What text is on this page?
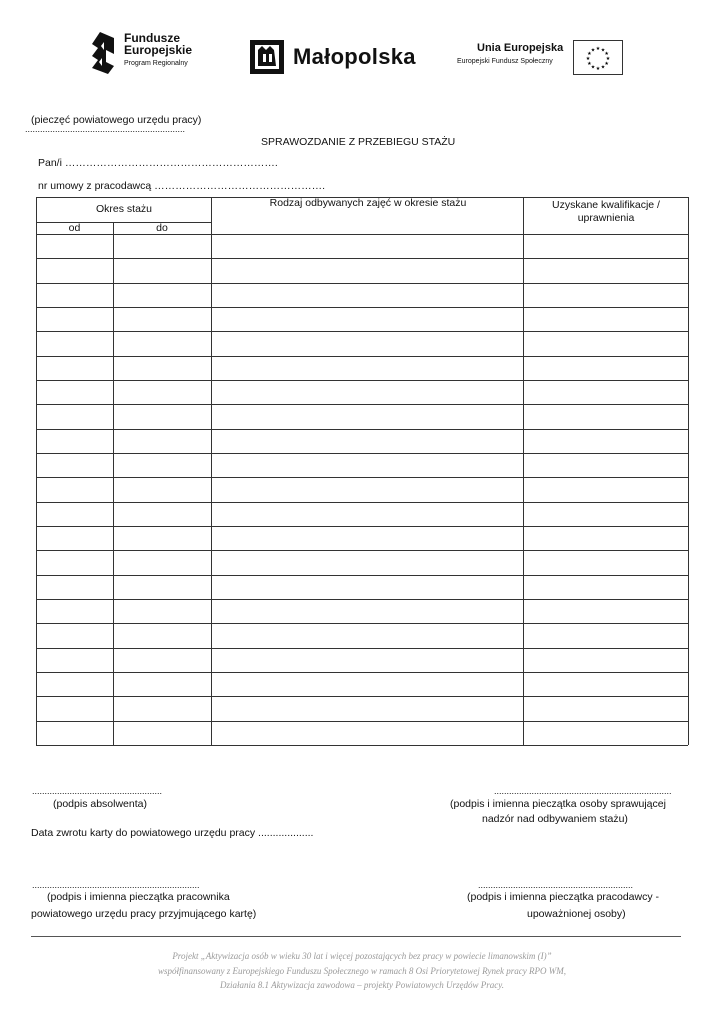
Fundusze
Europejskie
Program Regionalny	Małopolska	Unia Europejska
Europejski Fundusz Społeczny	★
★
★
★
★
★
★
★
★ ★ ★
★
(pieczęć powiatowego urzędu pracy)
................................................................
SPRAWOZDANIE Z PRZEBIEGU STAŻU
Pan/i …………………………………………………….
nr umowy z pracodawcą ………………………………………….
Okres stażu
od	do
Rodzaj odbywanych zajęć w okresie stażu	Uzyskane kwalifikacje /
uprawnienia
....................................................
(podpis absolwenta)
.......................................................................
(podpis i imienna pieczątka osoby sprawującej
nadzór nad odbywaniem stażu)
Data zwrotu karty do powiatowego urzędu pracy ...................
...................................................................
(podpis i imienna pieczątka pracownika
powiatowego urzędu pracy przyjmującego kartę)
..............................................................
(podpis i imienna pieczątka pracodawcy -
upoważnionej osoby)
Projekt „Aktywizacja osób w wieku 30 lat i więcej pozostających bez pracy w powiecie limanowskim (I)”
współfinansowany z Europejskiego Funduszu Społecznego w ramach 8 Osi Priorytetowej Rynek pracy RPO WM,
Działania 8.1 Aktywizacja zawodowa – projekty Powiatowych Urzędów Pracy.
